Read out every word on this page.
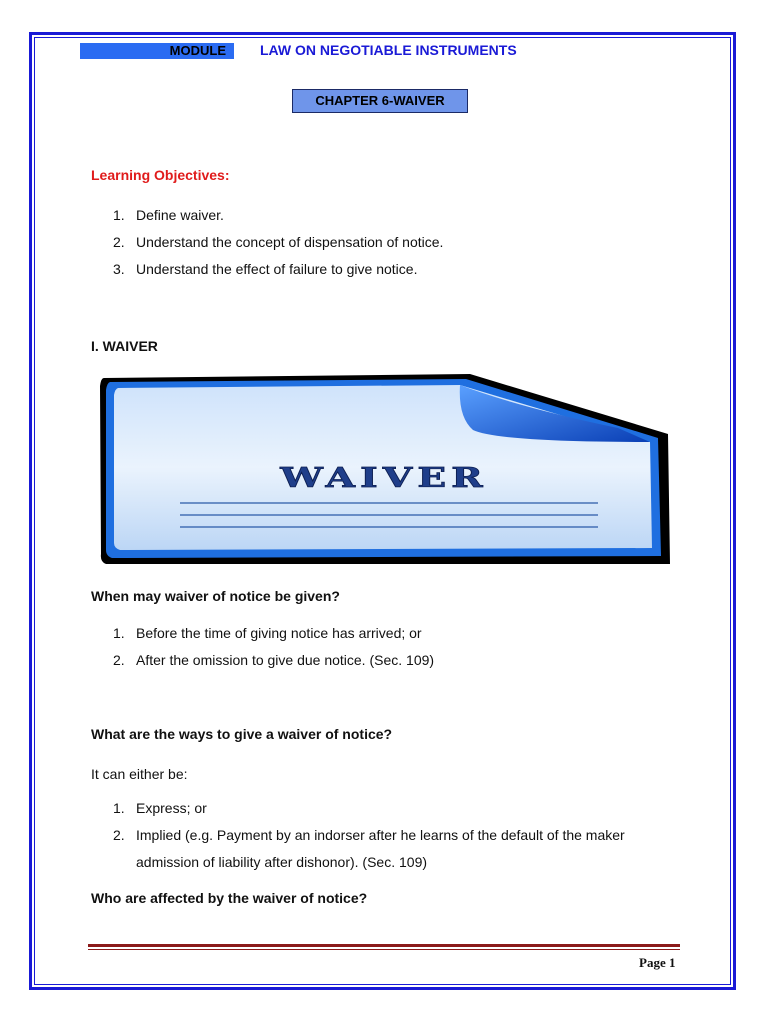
MODULE	LAW ON NEGOTIABLE INSTRUMENTS
CHAPTER 6-WAIVER
Learning Objectives:
1. Define waiver.
2. Understand the concept of dispensation of notice.
3. Understand the effect of failure to give notice.
I. WAIVER
WAIVER
When may waiver of notice be given?
1. Before the time of giving notice has arrived; or
2. After the omission to give due notice. (Sec. 109)
What are the ways to give a waiver of notice?
It can either be:
1. Express; or
2. Implied (e.g. Payment by an indorser after he learns of the default of the maker admission of liability after dishonor). (Sec. 109)
Who are affected by the waiver of notice?
Page 1
